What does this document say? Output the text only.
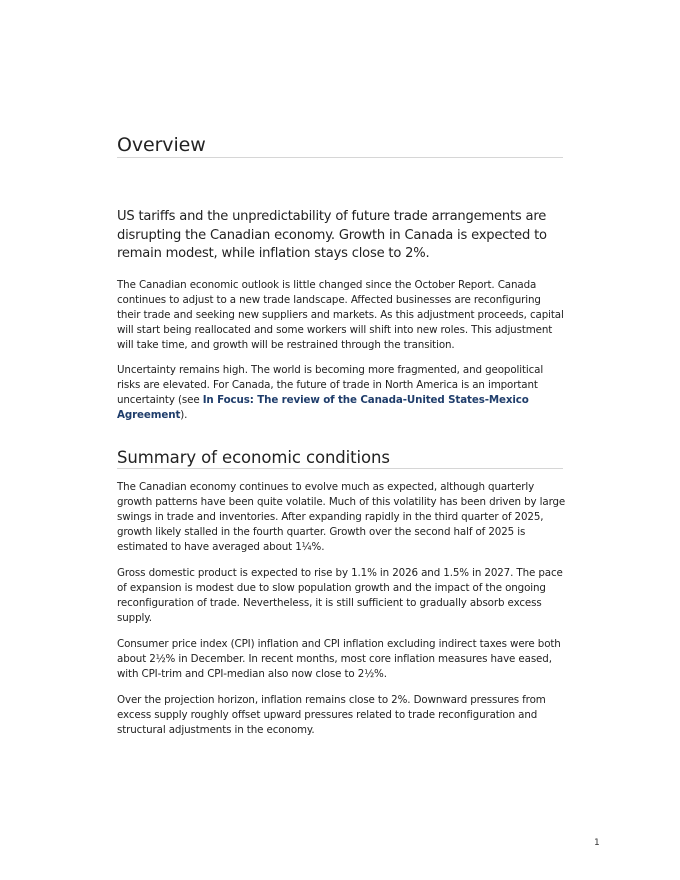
Overview

US tariffs and the unpredictability of future trade arrangements are disrupting the Canadian economy. Growth in Canada is expected to remain modest, while inflation stays close to 2%.

The Canadian economic outlook is little changed since the October Report. Canada continues to adjust to a new trade landscape. Affected businesses are reconfiguring their trade and seeking new suppliers and markets. As this adjustment proceeds, capital will start being reallocated and some workers will shift into new roles. This adjustment will take time, and growth will be restrained through the transition.

Uncertainty remains high. The world is becoming more fragmented, and geopolitical risks are elevated. For Canada, the future of trade in North America is an important uncertainty (see In Focus: The review of the Canada-United States-Mexico Agreement).

Summary of economic conditions

The Canadian economy continues to evolve much as expected, although quarterly growth patterns have been quite volatile. Much of this volatility has been driven by large swings in trade and inventories. After expanding rapidly in the third quarter of 2025, growth likely stalled in the fourth quarter. Growth over the second half of 2025 is estimated to have averaged about 1¼%.

Gross domestic product is expected to rise by 1.1% in 2026 and 1.5% in 2027. The pace of expansion is modest due to slow population growth and the impact of the ongoing reconfiguration of trade. Nevertheless, it is still sufficient to gradually absorb excess supply.

Consumer price index (CPI) inflation and CPI inflation excluding indirect taxes were both about 2½% in December. In recent months, most core inflation measures have eased, with CPI-trim and CPI-median also now close to 2½%.

Over the projection horizon, inflation remains close to 2%. Downward pressures from excess supply roughly offset upward pressures related to trade reconfiguration and structural adjustments in the economy.

1
